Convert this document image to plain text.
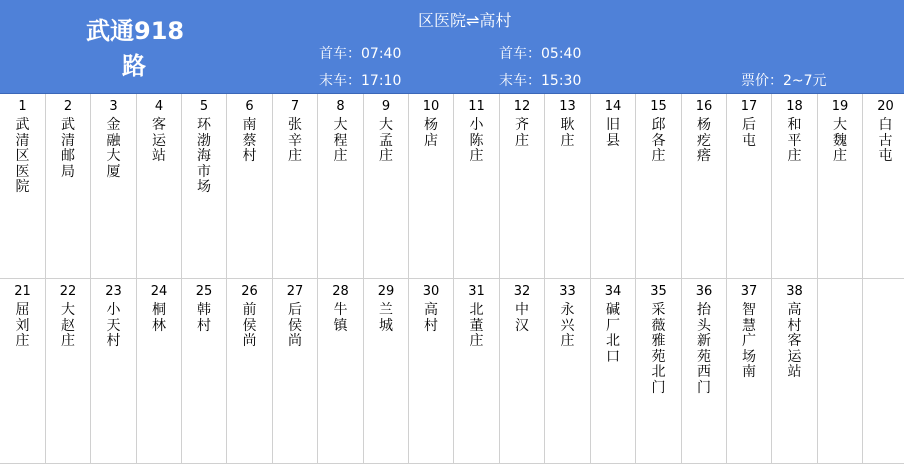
武通918
路
区医院⇌高村
首车：07:40
末车：17:10
首车：05:40
末车：15:30	票价：2~7元
1
武清区医院
2
武清邮局
3
金融大厦
4
客运站
5
环渤海市场
6
南蔡村
7
张辛庄
8
大程庄
9
大孟庄
10
杨店
11
小陈庄
12
齐庄
13
耿庄
14
旧县
15
邱各庄
16
杨疙瘩
17
后屯
18
和平庄
19
大魏庄
20
白古屯
21
屈刘庄
22
大赵庄
23
小天村
24
桐林
25
韩村
26
前侯尚
27
后侯尚
28
牛镇
29
兰城
30
高村
31
北董庄
32
中汉
33
永兴庄
34
碱厂北口
35
采薇雅苑北门
36
抬头新苑西门
37
智慧广场南
38
高村客运站
